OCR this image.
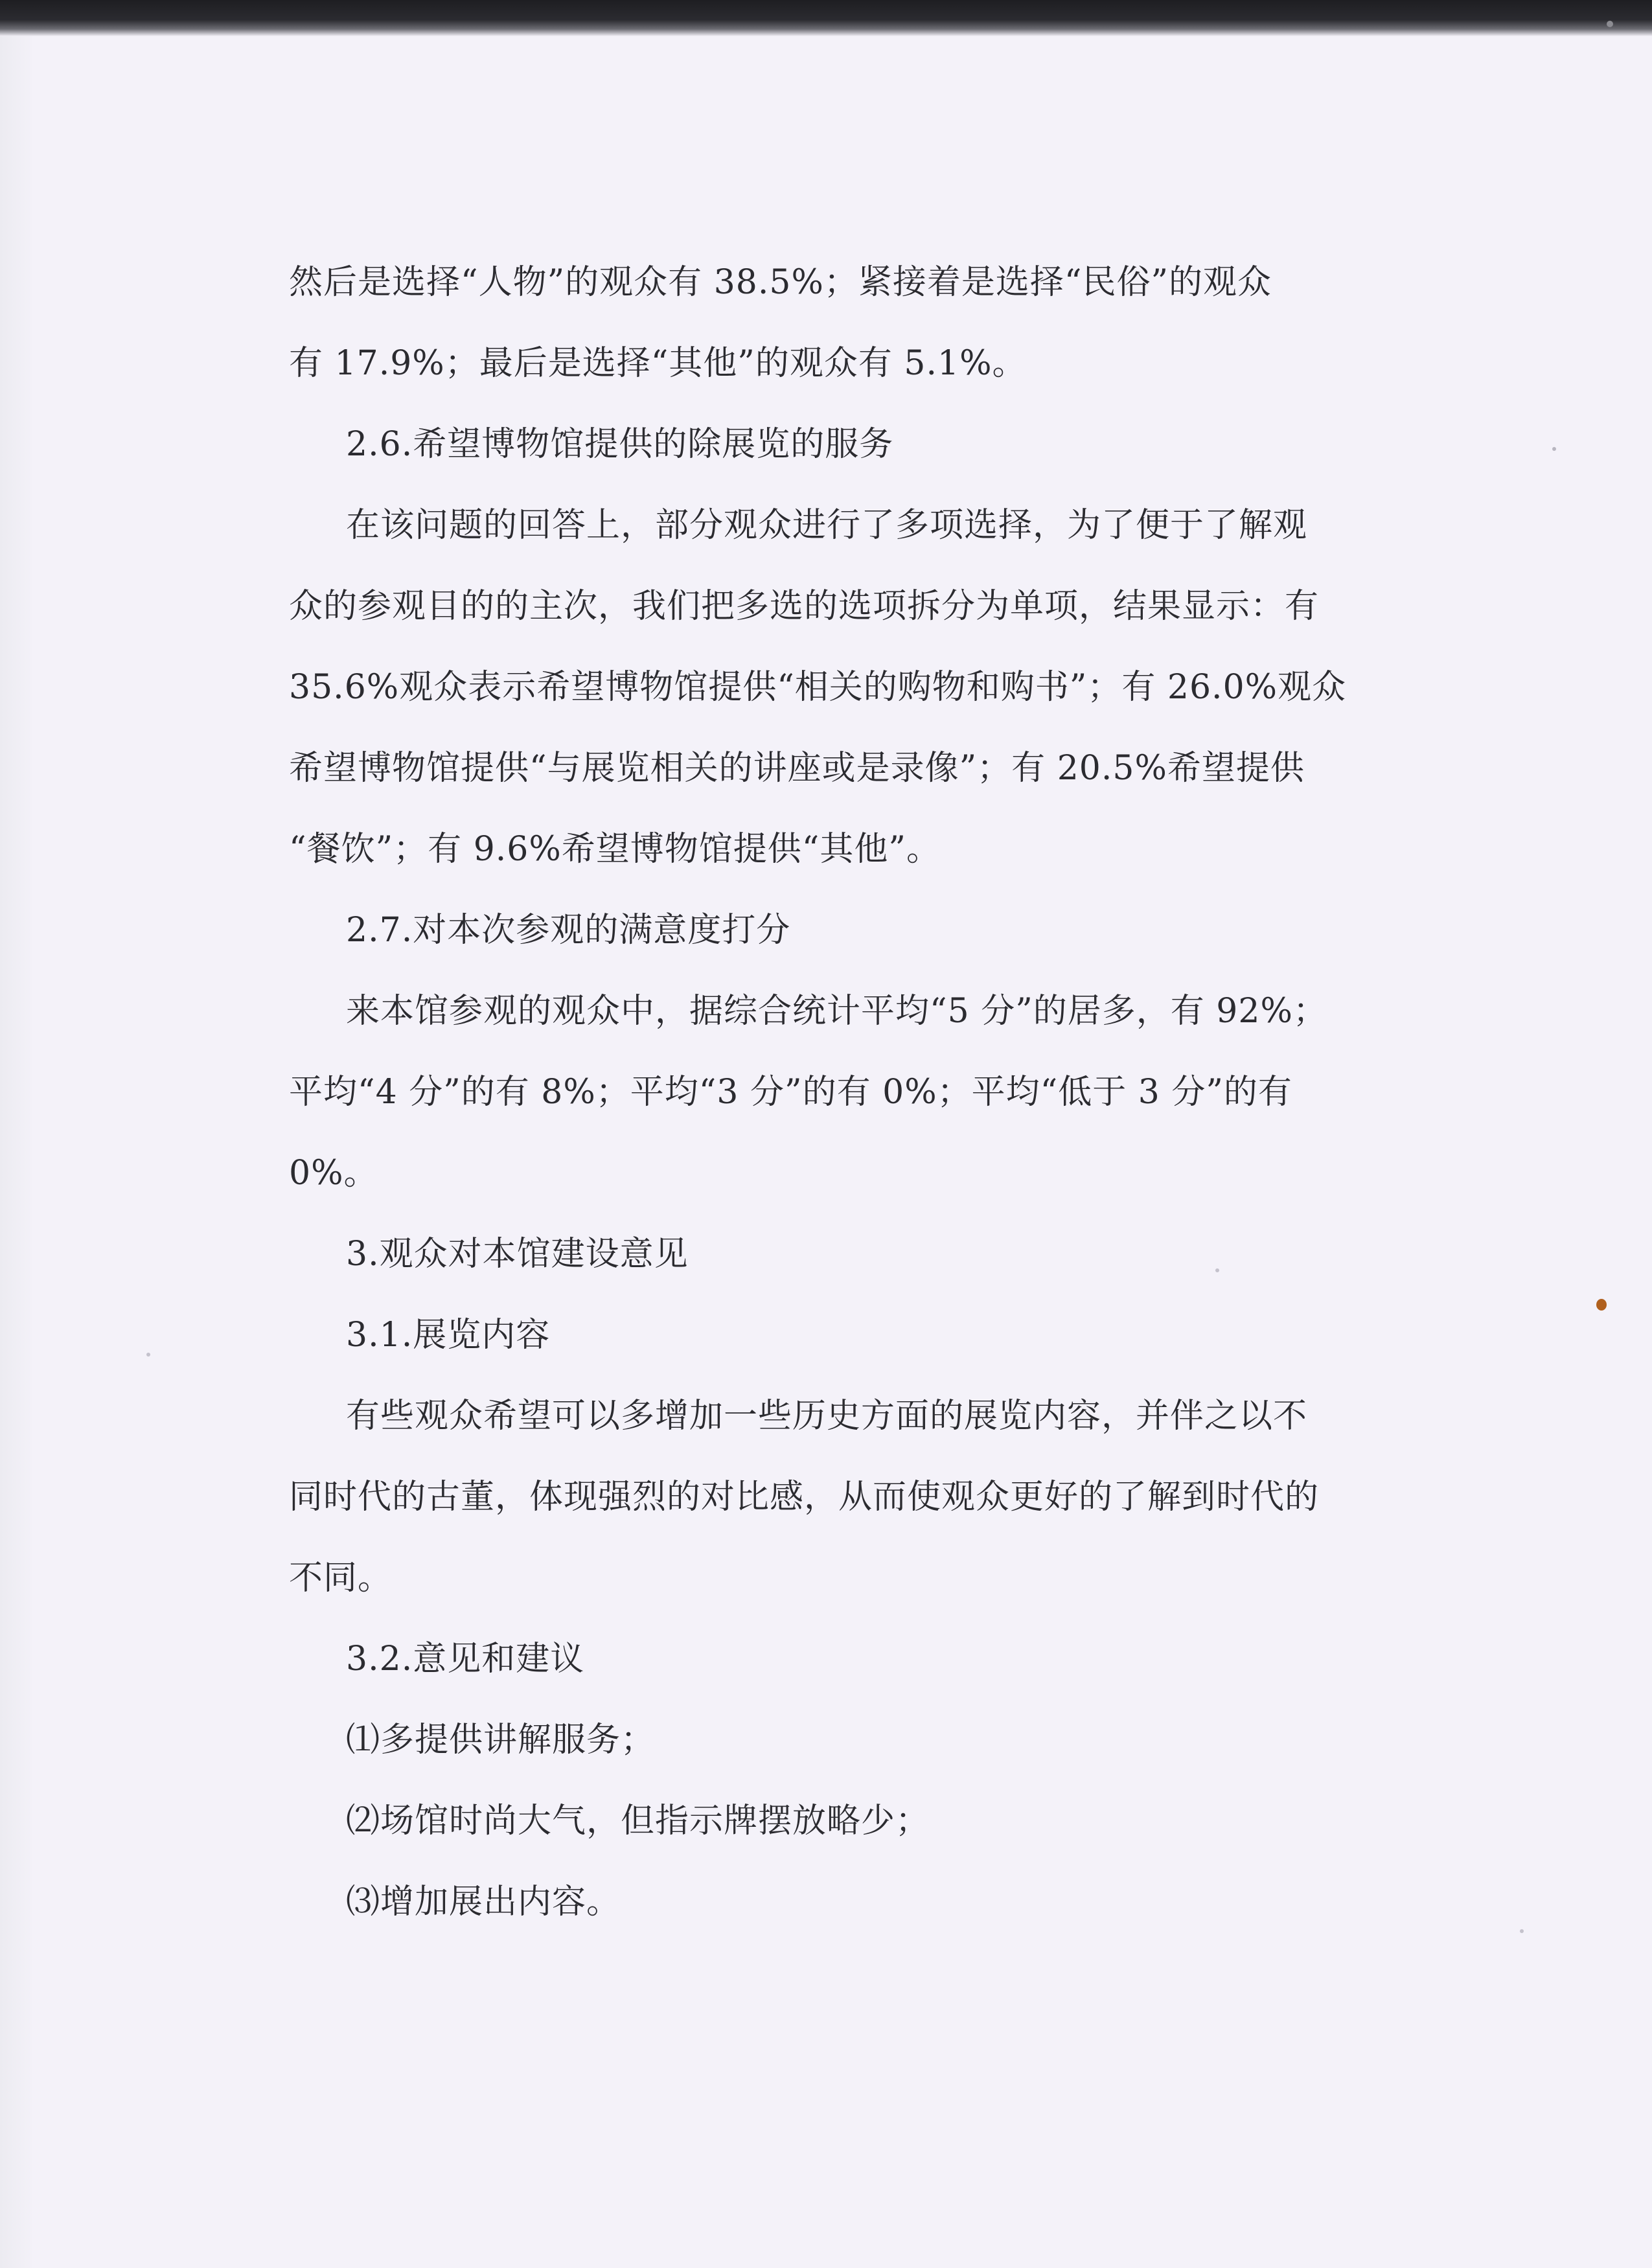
然后是选择“人物”的观众有 38.5%；紧接着是选择“民俗”的观众
有 17.9%；最后是选择“其他”的观众有 5.1%。
2.6.希望博物馆提供的除展览的服务
在该问题的回答上，部分观众进行了多项选择，为了便于了解观
众的参观目的的主次，我们把多选的选项拆分为单项，结果显示：有
35.6%观众表示希望博物馆提供“相关的购物和购书”；有 26.0%观众
希望博物馆提供“与展览相关的讲座或是录像”；有 20.5%希望提供
“餐饮”；有 9.6%希望博物馆提供“其他”。
2.7.对本次参观的满意度打分
来本馆参观的观众中，据综合统计平均“5 分”的居多，有 92%；
平均“4 分”的有 8%；平均“3 分”的有 0%；平均“低于 3 分”的有
0%。
3.观众对本馆建设意见
3.1.展览内容
有些观众希望可以多增加一些历史方面的展览内容，并伴之以不
同时代的古董，体现强烈的对比感，从而使观众更好的了解到时代的
不同。
3.2.意见和建议
⑴多提供讲解服务；
⑵场馆时尚大气，但指示牌摆放略少；
⑶增加展出内容。
